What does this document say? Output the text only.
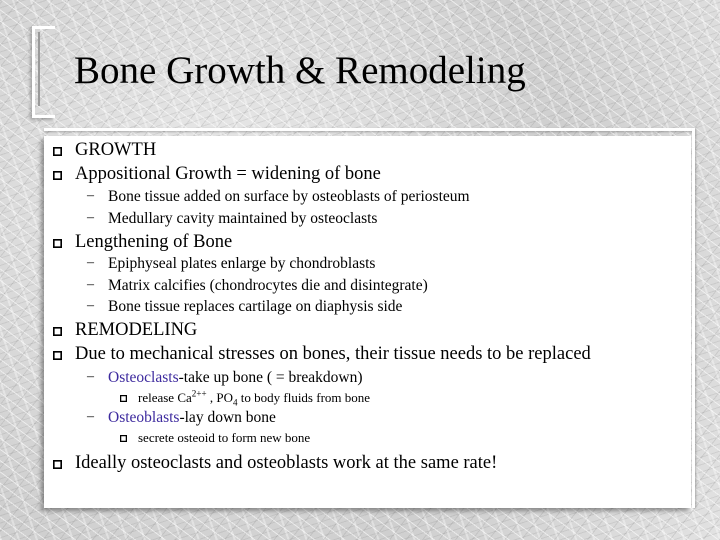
Bone Growth & Remodeling
GROWTH
Appositional Growth = widening of bone
– Bone tissue added on surface by osteoblasts of periosteum
– Medullary cavity maintained by osteoclasts
Lengthening of Bone
– Epiphyseal plates enlarge by chondroblasts
– Matrix calcifies (chondrocytes die and disintegrate)
– Bone tissue replaces cartilage on diaphysis side
REMODELING
Due to mechanical stresses on bones, their tissue needs to be replaced
– Osteoclasts-take up bone ( = breakdown)
release $Ca^{2++}$ , $PO_4$ to body fluids from bone
– Osteoblasts-lay down bone
secrete osteoid to form new bone
Ideally osteoclasts and osteoblasts work at the same rate!
